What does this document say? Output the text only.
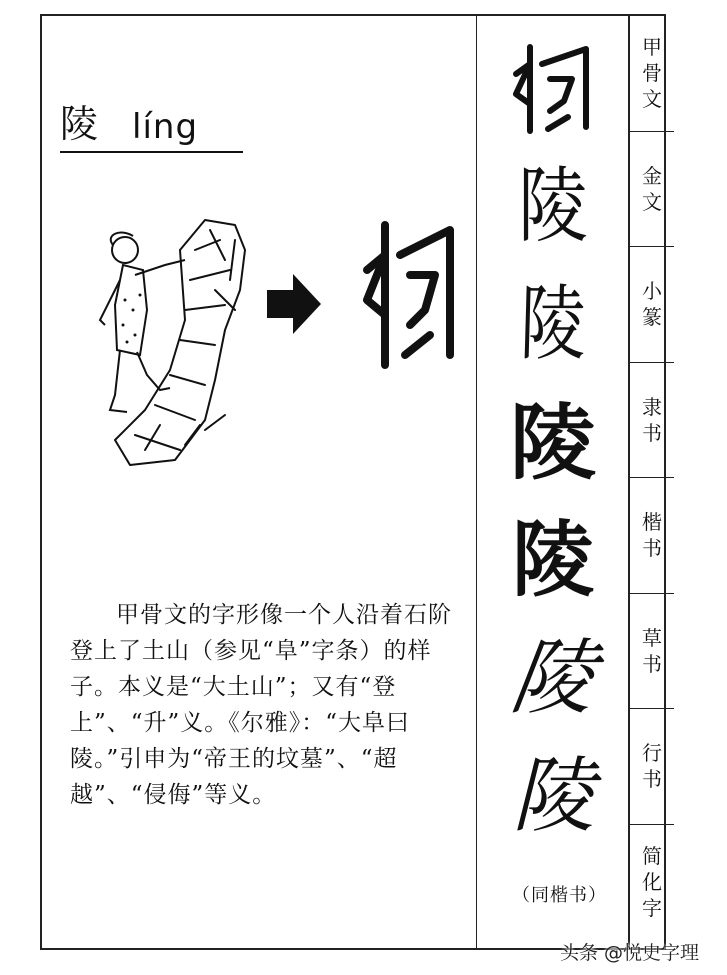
陵 líng

甲骨文的字形像一个人沿着石阶登上了土山（参见“阜”字条）的样子。本义是“大土山”；又有“登上”、“升”义。《尔雅》：“大阜曰陵。”引申为“帝王的坟墓”、“超越”、“侵侮”等义。

陵
陵
陵
陵
陵
陵
（同楷书）
甲
骨
文
金
文
小
篆
隶
书
楷
书
草
书
行
书
简
化
字
头条 @悦史字理
